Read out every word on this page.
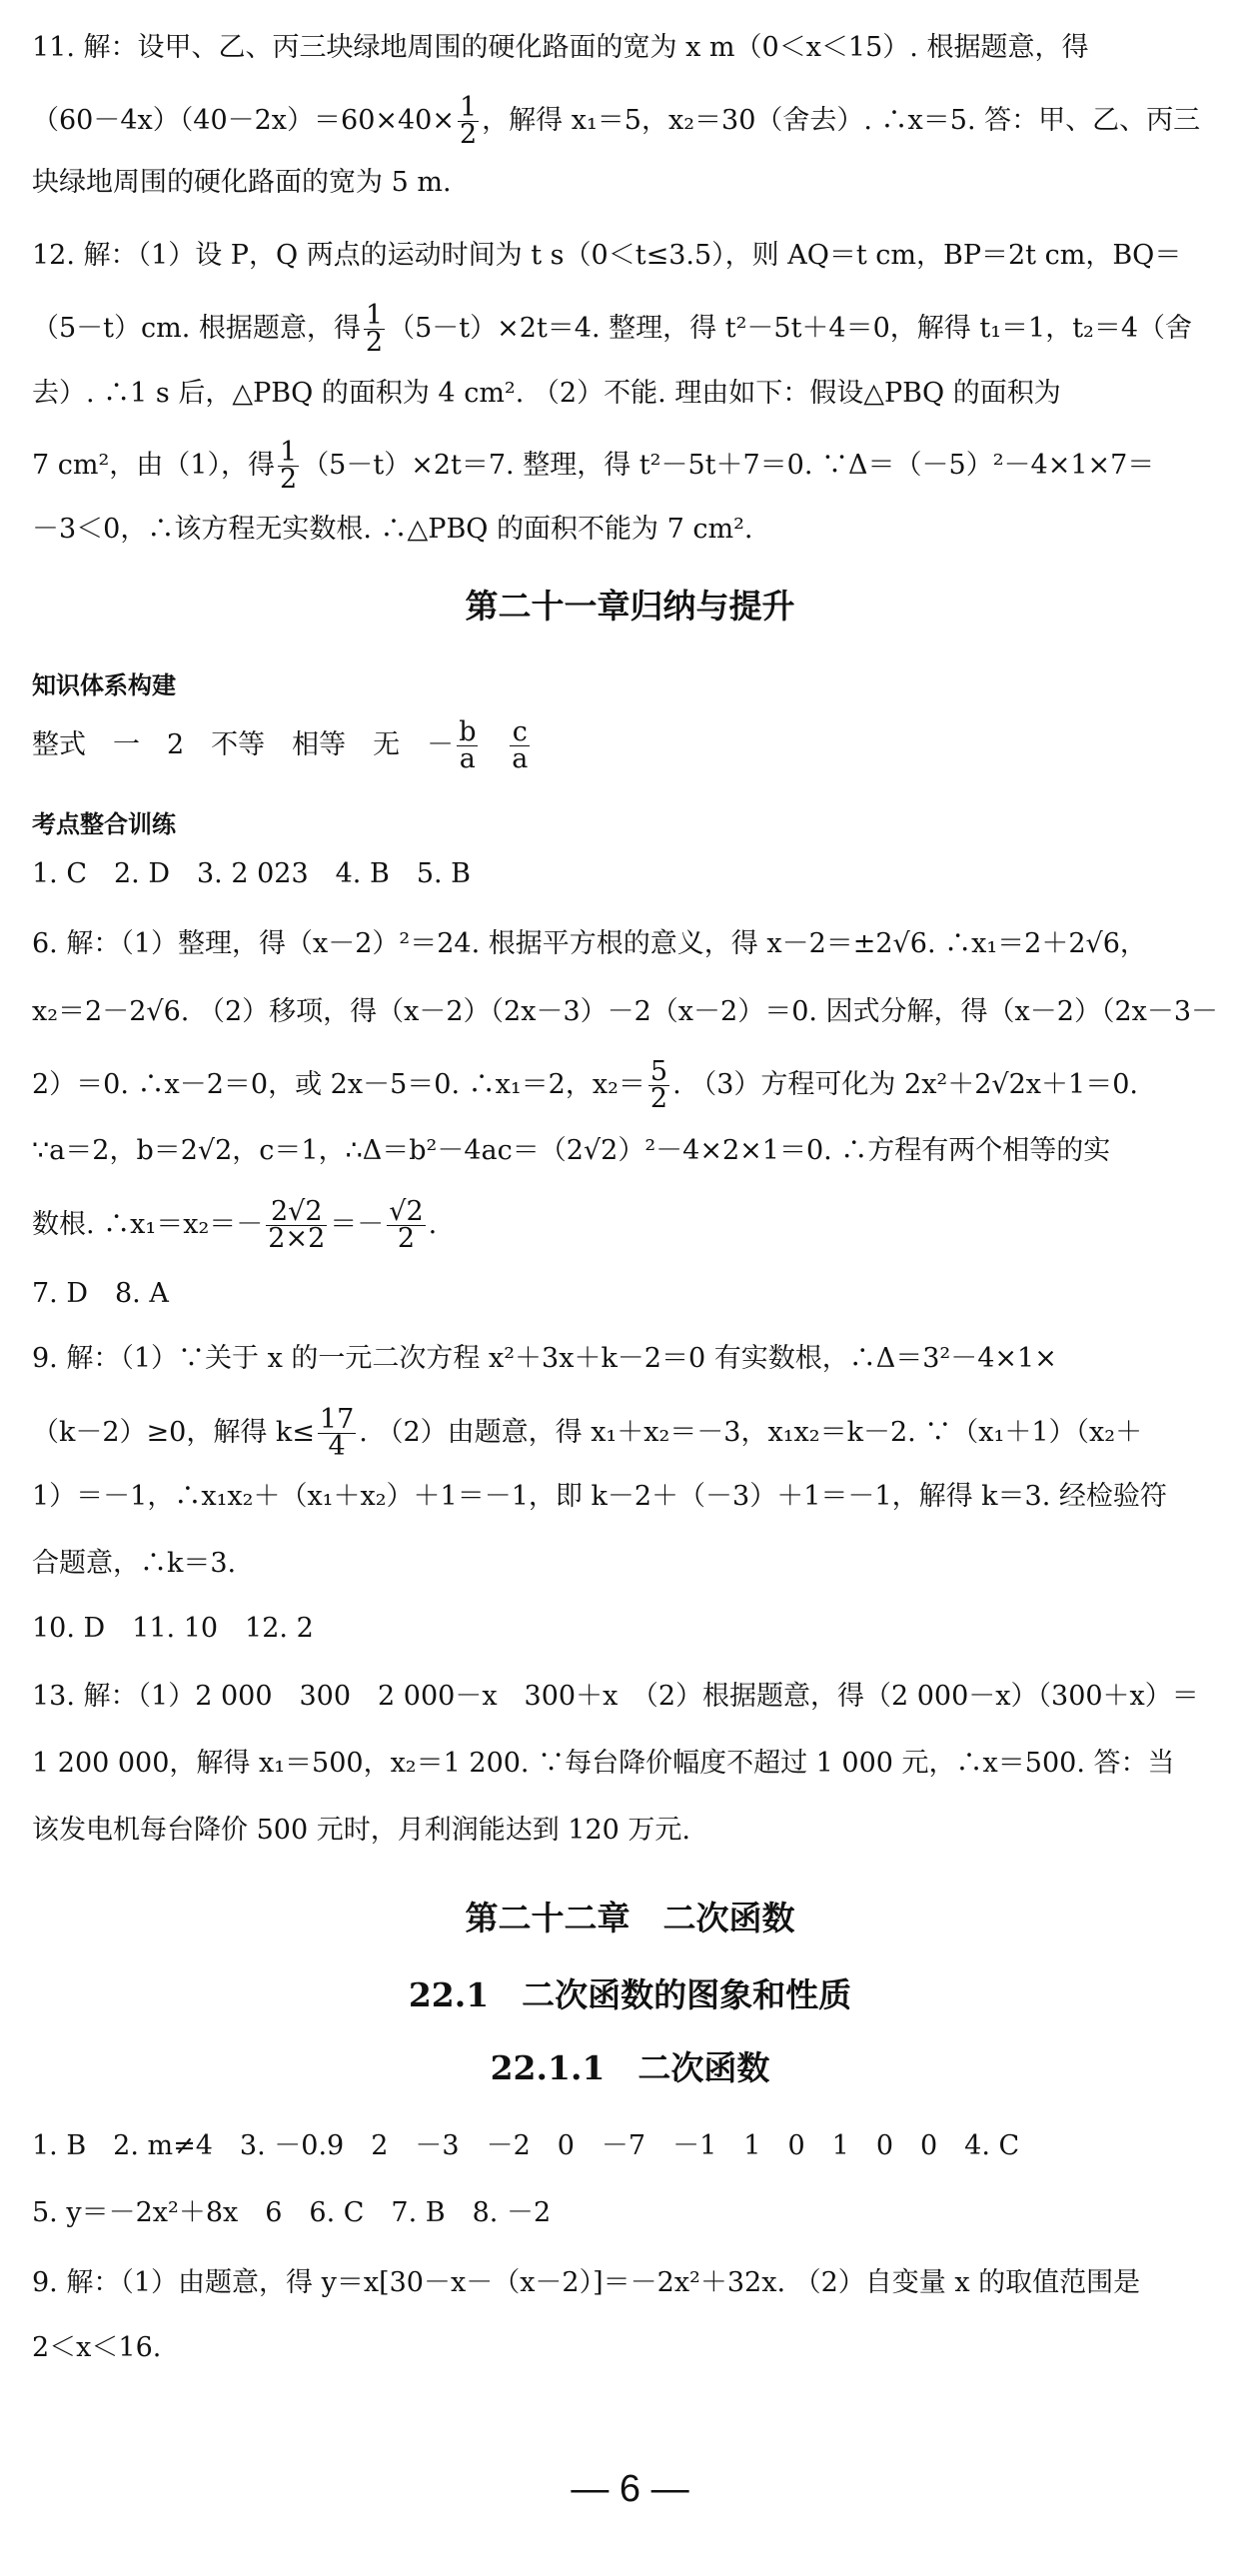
11. 解：设甲、乙、丙三块绿地周围的硬化路面的宽为 x m（0＜x＜15）. 根据题意，得
$(60-4x)(40-2x)=60\times 40\times \frac{1}{2}$ ，解得 x₁＝5，x₂＝30（舍去）. ∴x＝5. 答：甲、乙、丙三
块绿地周围的硬化路面的宽为 5 m.
12. 解：（1）设 P，Q 两点的运动时间为 t s（0＜t≤3.5），则 AQ＝t cm，BP＝2t cm，BQ＝
（5－t）cm. 根据题意，得 $\frac{1}{2} (5-t)\times 2t=4$. 整理，得 t²－5t＋4＝0，解得 t₁＝1，t₂＝4（舍
去）. ∴1 s 后，△PBQ 的面积为 4 cm². （2）不能. 理由如下：假设△PBQ 的面积为
7 cm²，由（1），得 $\frac{1}{2} (5-t)\times 2t=7$. 整理，得 t²－5t＋7＝0. ∵Δ＝（－5）²－4×1×7＝
－3＜0，∴该方程无实数根. ∴△PBQ 的面积不能为 7 cm².
第二十一章归纳与提升
知识体系构建
整式　一　2　不等　相等　无　－ $\frac{b}{a}$
$\frac{c}{a}$
考点整合训练
1. C　2. D　3. 2 023　4. B　5. B
6. 解：（1）整理，得（x－2）²＝24. 根据平方根的意义，得 x－2＝±2√6. ∴x₁＝2＋2√6，
x₂＝2－2√6. （2）移项，得（x－2）（2x－3）－2（x－2）＝0. 因式分解，得（x－2）（2x－3－
2）＝0. ∴x－2＝0，或 2x－5＝0. ∴x₁＝2，$x_2= \frac{5}{2}$ . （3）方程可化为 2x²＋2√2x＋1＝0.
∵a＝2，b＝2√2，c＝1，∴Δ＝b²－4ac＝（2√2）²－4×2×1＝0. ∴方程有两个相等的实
数根. ∴x₁＝x₂＝－ $\frac{2√2}{2\times 2} =- \frac{√2}{2}$ .
7. D　8. A
9. 解：（1）∵关于 x 的一元二次方程 x²＋3x＋k－2＝0 有实数根，∴Δ＝3²－4×1×
（k－2）≥0，解得 $k\le \frac{17}{4}$ . （2）由题意，得 x₁＋x₂＝－3，x₁x₂＝k－2. ∵（x₁＋1）（x₂＋
1）＝－1，∴x₁x₂＋（x₁＋x₂）＋1＝－1，即 k－2＋（－3）＋1＝－1，解得 k＝3. 经检验符
合题意，∴k＝3.
10. D　11. 10　12. 2
13. 解：（1）2 000　300　2 000－x　300＋x　（2）根据题意，得（2 000－x）（300＋x）＝
1 200 000，解得 x₁＝500，x₂＝1 200. ∵每台降价幅度不超过 1 000 元，∴x＝500. 答：当
该发电机每台降价 500 元时，月利润能达到 120 万元.
第二十二章　二次函数
22.1　二次函数的图象和性质
22.1.1　二次函数
1. B　2. m≠4　3. －0.9　2　－3　－2　0　－7　－1　1　0　1　0　0　4. C
5. y＝－2x²＋8x　6　6. C　7. B　8. －2
9. 解：（1）由题意，得 y＝x[30－x－（x－2）]＝－2x²＋32x. （2）自变量 x 的取值范围是
2＜x＜16.
— 6 —
